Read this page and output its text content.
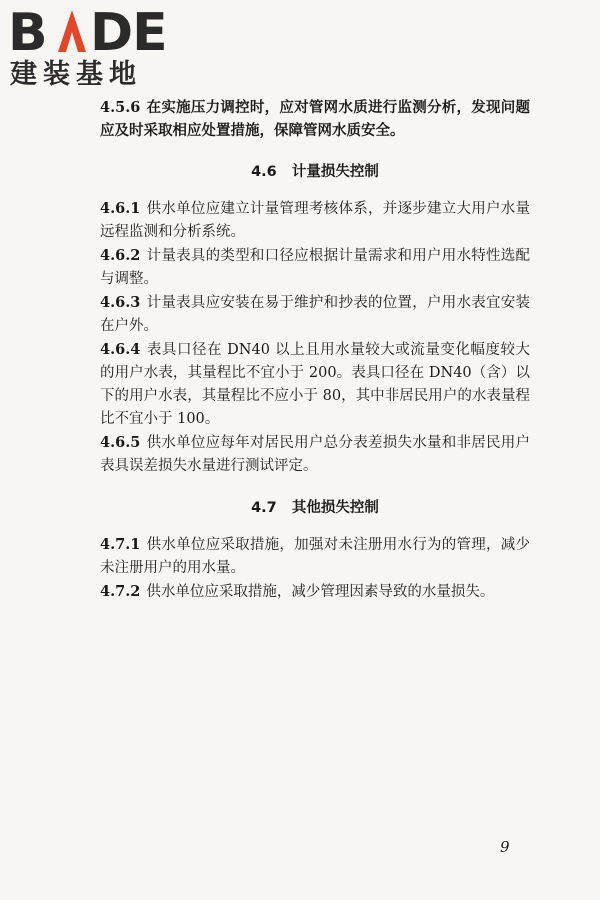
B DE
建装基地

4.5.6 在实施压力调控时，应对管网水质进行监测分析，发现问题应及时采取相应处置措施，保障管网水质安全。

4.6 计量损失控制

4.6.1 供水单位应建立计量管理考核体系，并逐步建立大用户水量远程监测和分析系统。

4.6.2 计量表具的类型和口径应根据计量需求和用户用水特性选配与调整。

4.6.3 计量表具应安装在易于维护和抄表的位置，户用水表宜安装在户外。

4.6.4 表具口径在 DN40 以上且用水量较大或流量变化幅度较大的用户水表，其量程比不宜小于 200。表具口径在 DN40（含）以下的用户水表，其量程比不应小于 80，其中非居民用户的水表量程比不宜小于 100。

4.6.5 供水单位应每年对居民用户总分表差损失水量和非居民用户表具误差损失水量进行测试评定。

4.7 其他损失控制

4.7.1 供水单位应采取措施，加强对未注册用水行为的管理，减少未注册用户的用水量。

4.7.2 供水单位应采取措施，减少管理因素导致的水量损失。

9
